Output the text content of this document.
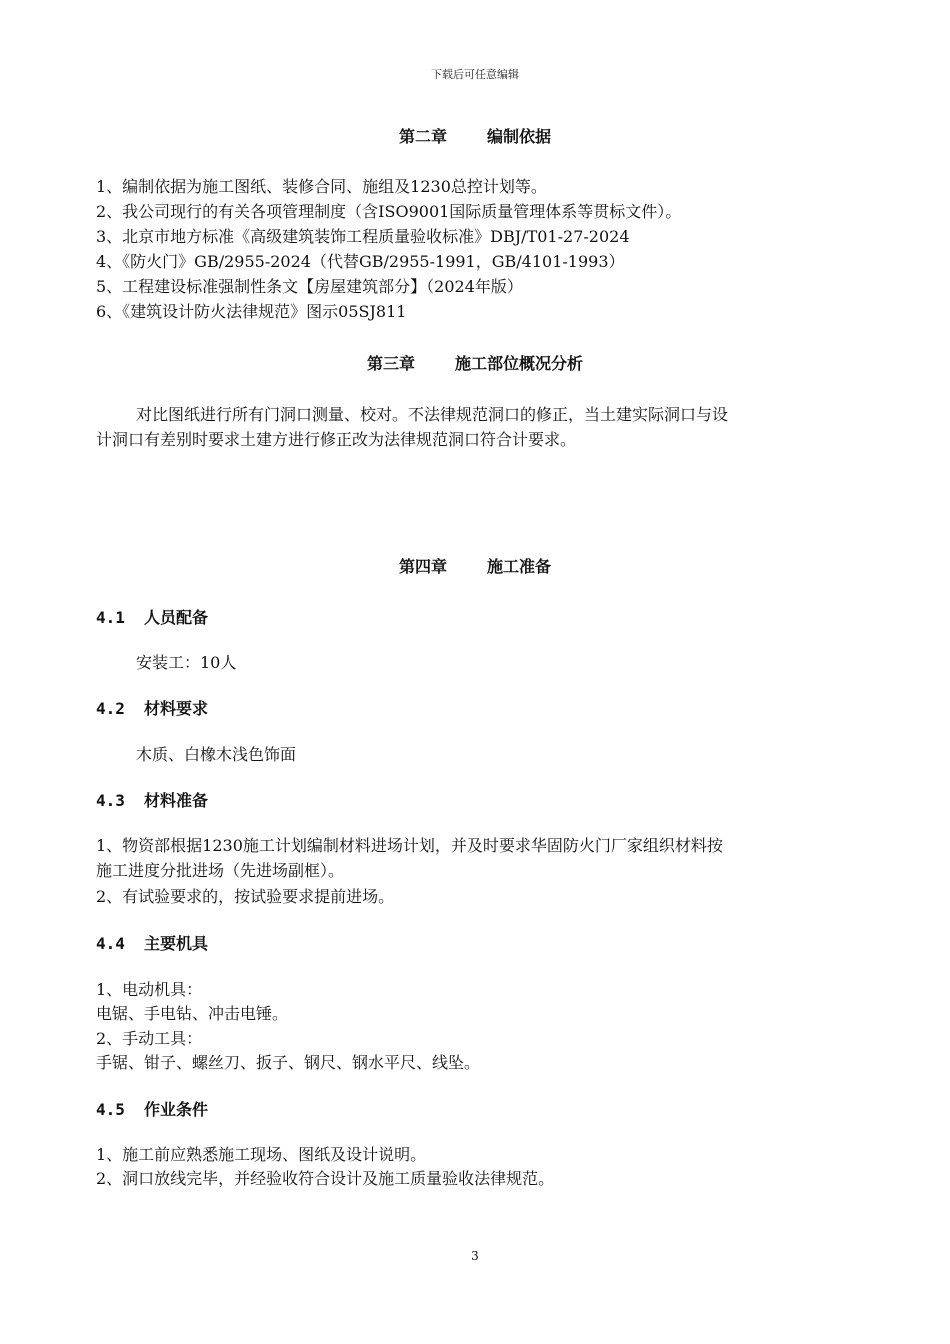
下载后可任意编辑
第二章	编制依据
1、编制依据为施工图纸、装修合同、施组及1230总控计划等。
2、我公司现行的有关各项管理制度（含ISO9001国际质量管理体系等贯标文件）。
3、北京市地方标准《高级建筑装饰工程质量验收标准》DBJ/T01-27-2024
4、《防火门》GB/2955-2024（代替GB/2955-1991，GB/4101-1993）
5、工程建设标准强制性条文【房屋建筑部分】（2024年版）
6、《建筑设计防火法律规范》图示05SJ811
第三章	施工部位概况分析
对比图纸进行所有门洞口测量、校对。不法律规范洞口的修正，当土建实际洞口与设
计洞口有差别时要求土建方进行修正改为法律规范洞口符合计要求。
第四章	施工准备
4.1 人员配备
安装工：10人
4.2 材料要求
木质、白橡木浅色饰面
4.3 材料准备
1、物资部根据1230施工计划编制材料进场计划，并及时要求华固防火门厂家组织材料按
施工进度分批进场（先进场副框）。
2、有试验要求的，按试验要求提前进场。
4.4 主要机具
1、电动机具：
电锯、手电钻、冲击电锤。
2、手动工具：
手锯、钳子、螺丝刀、扳子、钢尺、钢水平尺、线坠。
4.5 作业条件
1、施工前应熟悉施工现场、图纸及设计说明。
2、洞口放线完毕，并经验收符合设计及施工质量验收法律规范。
3
